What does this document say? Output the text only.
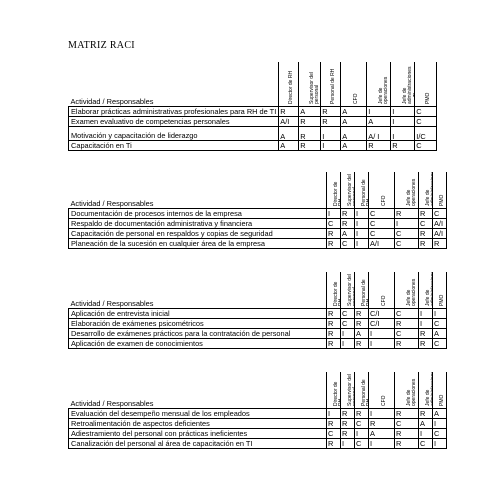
MATRIZ RACI
Actividad / Responsables	Director de RH	Supervisor del personal	Personal de RH	CFO	Jefe de operaciones	Jefe de administraciones en TI	PMO

Elaborar prácticas administrativas profesionales para RH de TI	R	A	R	A	I	I	C
Examen evaluativo de competencias personales	A/I	R	R	A	A	I	C
Motivación y capacitación de liderazgo	A	R	I	A	A/ I	I	I/C
Capacitación en Ti	A	R	I	A	R	R	C
Actividad / Responsables	Director de RH	Supervisor del personal	Personal de RH	CFO	Jefe de operaciones	Jefe de administraciones	PMO

Documentación de procesos internos de la empresa	I	R	I	C	R	R	C
Respaldo de documentación administrativa y financiera	C	R	I	C	I	C	A/I
Capacitación de personal en respaldos y copias de seguridad	R	A	I	C	C	R	A/I
Planeación de la sucesión en cualquier área de la empresa	R	C	I	A/I	C	R	R
Actividad / Responsables	Director de RH	Supervisor del personal	Personal de RH	CFO	Jefe de operaciones	Jefe de administraciones	PMO

Aplicación de entrevista inicial	R	C	R	C/I	C	I	I
Elaboración de exámenes psicométricos	R	C	R	C/I	R	I	C
Desarrollo de exámenes prácticos para la contratación de personal	R	I	A	I	C	R	A
Aplicación de examen de conocimientos	R	I	R	I	R	R	C
Actividad / Responsables	Director de RH	Supervisor del personal	Personal de RH	CFO	Jefe de operaciones	Jefe de administraciones	PMO

Evaluación del desempeño mensual de los empleados	I	R	R	I	R	R	A
Retroalimentación de aspectos deficientes	R	R	C	R	C	A	I
Adiestramiento del personal con prácticas ineficientes	C	R	I	A	R	I	C
Canalización del personal al área de capacitación en TI	R	I	C	I	R	C	I
